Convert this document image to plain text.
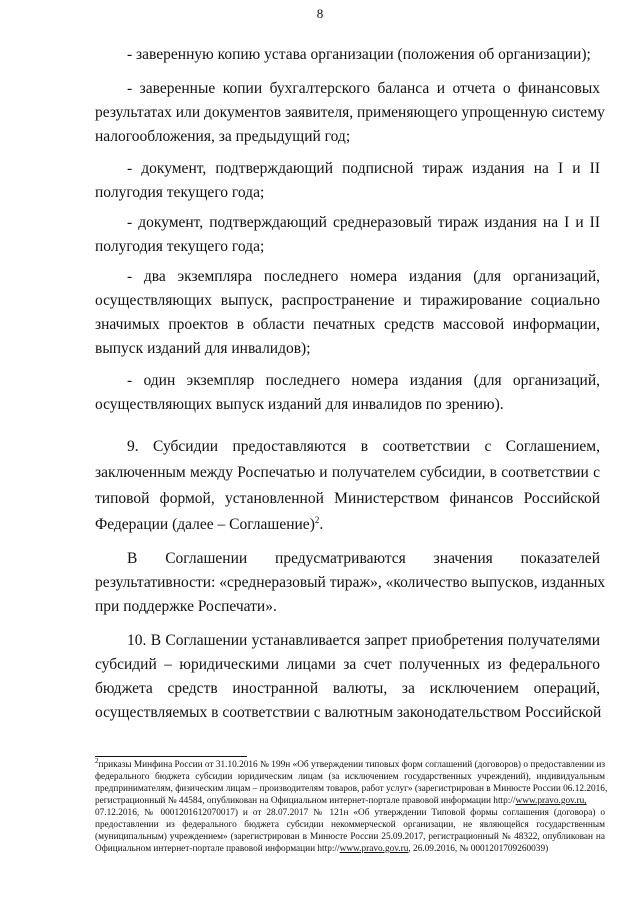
8
- заверенную копию устава организации (положения об организации);
- заверенные копии бухгалтерского баланса и отчета о финансовых
результатах или документов заявителя, применяющего упрощенную систему
налогообложения, за предыдущий год;
- документ, подтверждающий подписной тираж издания на I и II
полугодия текущего года;
- документ, подтверждающий среднеразовый тираж издания на I и II
полугодия текущего года;
- два экземпляра последнего номера издания (для организаций,
осуществляющих выпуск, распространение и тиражирование социально
значимых проектов в области печатных средств массовой информации,
выпуск изданий для инвалидов);
- один экземпляр последнего номера издания (для организаций,
осуществляющих выпуск изданий для инвалидов по зрению).
9. Субсидии предоставляются в соответствии с Соглашением,
заключенным между Роспечатью и получателем субсидии, в соответствии с
типовой формой, установленной Министерством финансов Российской
Федерации (далее – Соглашение)$^2$.
В Соглашении предусматриваются значения показателей
результативности: «среднеразовый тираж», «количество выпусков, изданных
при поддержке Роспечати».
10. В Соглашении устанавливается запрет приобретения получателями
субсидий – юридическими лицами за счет полученных из федерального
бюджета средств иностранной валюты, за исключением операций,
осуществляемых в соответствии с валютным законодательством Российской
$^2$приказы Минфина России от 31.10.2016 № 199н «Об утверждении типовых форм соглашений (договоров) о предоставлении из
федерального бюджета субсидии юридическим лицам (за исключением государственных учреждений), индивидуальным
предпринимателям, физическим лицам – производителям товаров, работ услуг» (зарегистрирован в Минюсте России 06.12.2016,
регистрационный № 44584, опубликован на Официальном интернет-портале правовой информации http://www.pravo.gov.ru,
07.12.2016, № 0001201612070017) и от 28.07.2017 № 121н «Об утверждении Типовой формы соглашения (договора) о
предоставлении из федерального бюджета субсидии некоммерческой организации, не являющейся государственным
(муниципальным) учреждением» (зарегистрирован в Минюсте России 25.09.2017, регистрационный № 48322, опубликован на
Официальном интернет-портале правовой информации http://www.pravo.gov.ru, 26.09.2016, № 0001201709260039)
